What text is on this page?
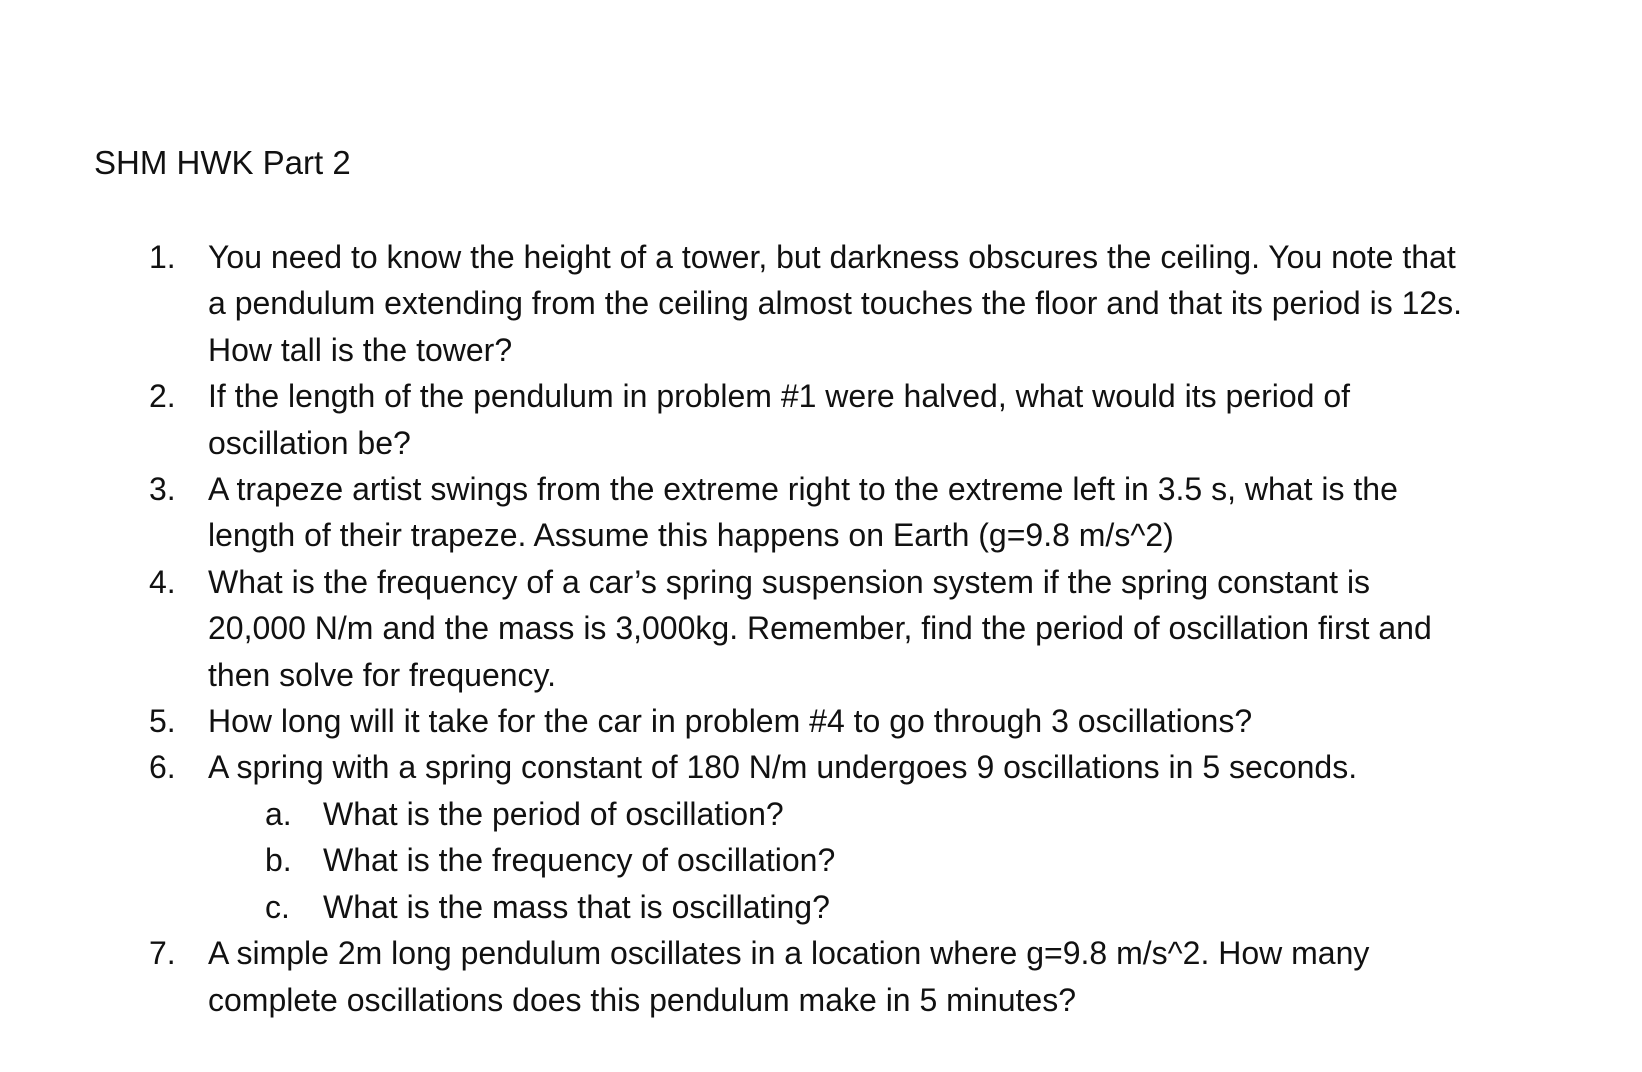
SHM HWK Part 2
1. You need to know the height of a tower, but darkness obscures the ceiling. You note that
a pendulum extending from the ceiling almost touches the floor and that its period is 12s.
How tall is the tower?
2. If the length of the pendulum in problem #1 were halved, what would its period of
oscillation be?
3. A trapeze artist swings from the extreme right to the extreme left in 3.5 s, what is the
length of their trapeze. Assume this happens on Earth (g=9.8 m/s^2)
4. What is the frequency of a car’s spring suspension system if the spring constant is
20,000 N/m and the mass is 3,000kg. Remember, find the period of oscillation first and
then solve for frequency.
5. How long will it take for the car in problem #4 to go through 3 oscillations?
6. A spring with a spring constant of 180 N/m undergoes 9 oscillations in 5 seconds.
a. What is the period of oscillation?
b. What is the frequency of oscillation?
c. What is the mass that is oscillating?
7. A simple 2m long pendulum oscillates in a location where g=9.8 m/s^2. How many
complete oscillations does this pendulum make in 5 minutes?
